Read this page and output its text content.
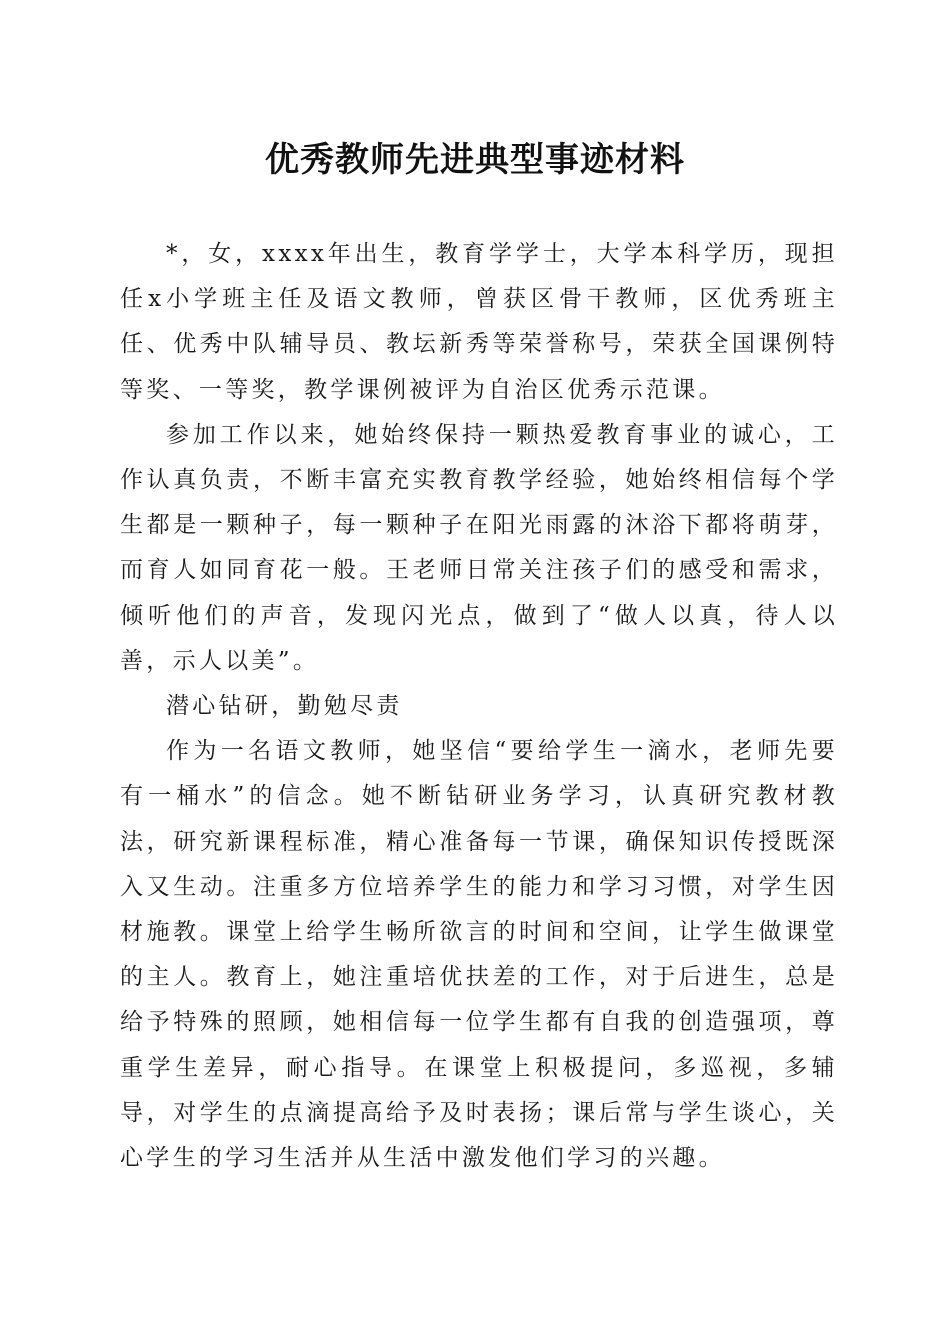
优秀教师先进典型事迹材料

*，女，xxxx年出生，教育学学士，大学本科学历，现担任x小学班主任及语文教师，曾获区骨干教师，区优秀班主任、优秀中队辅导员、教坛新秀等荣誉称号，荣获全国课例特等奖、一等奖，教学课例被评为自治区优秀示范课。

参加工作以来，她始终保持一颗热爱教育事业的诚心，工作认真负责，不断丰富充实教育教学经验，她始终相信每个学生都是一颗种子，每一颗种子在阳光雨露的沐浴下都将萌芽，而育人如同育花一般。王老师日常关注孩子们的感受和需求，倾听他们的声音，发现闪光点，做到了“做人以真，待人以善，示人以美”。

潜心钻研，勤勉尽责

作为一名语文教师，她坚信“要给学生一滴水，老师先要有一桶水”的信念。她不断钻研业务学习，认真研究教材教法，研究新课程标准，精心准备每一节课，确保知识传授既深入又生动。注重多方位培养学生的能力和学习习惯，对学生因材施教。课堂上给学生畅所欲言的时间和空间，让学生做课堂的主人。教育上，她注重培优扶差的工作，对于后进生，总是给予特殊的照顾，她相信每一位学生都有自我的创造强项，尊重学生差异，耐心指导。在课堂上积极提问，多巡视，多辅导，对学生的点滴提高给予及时表扬；课后常与学生谈心，关心学生的学习生活并从生活中激发他们学习的兴趣。
